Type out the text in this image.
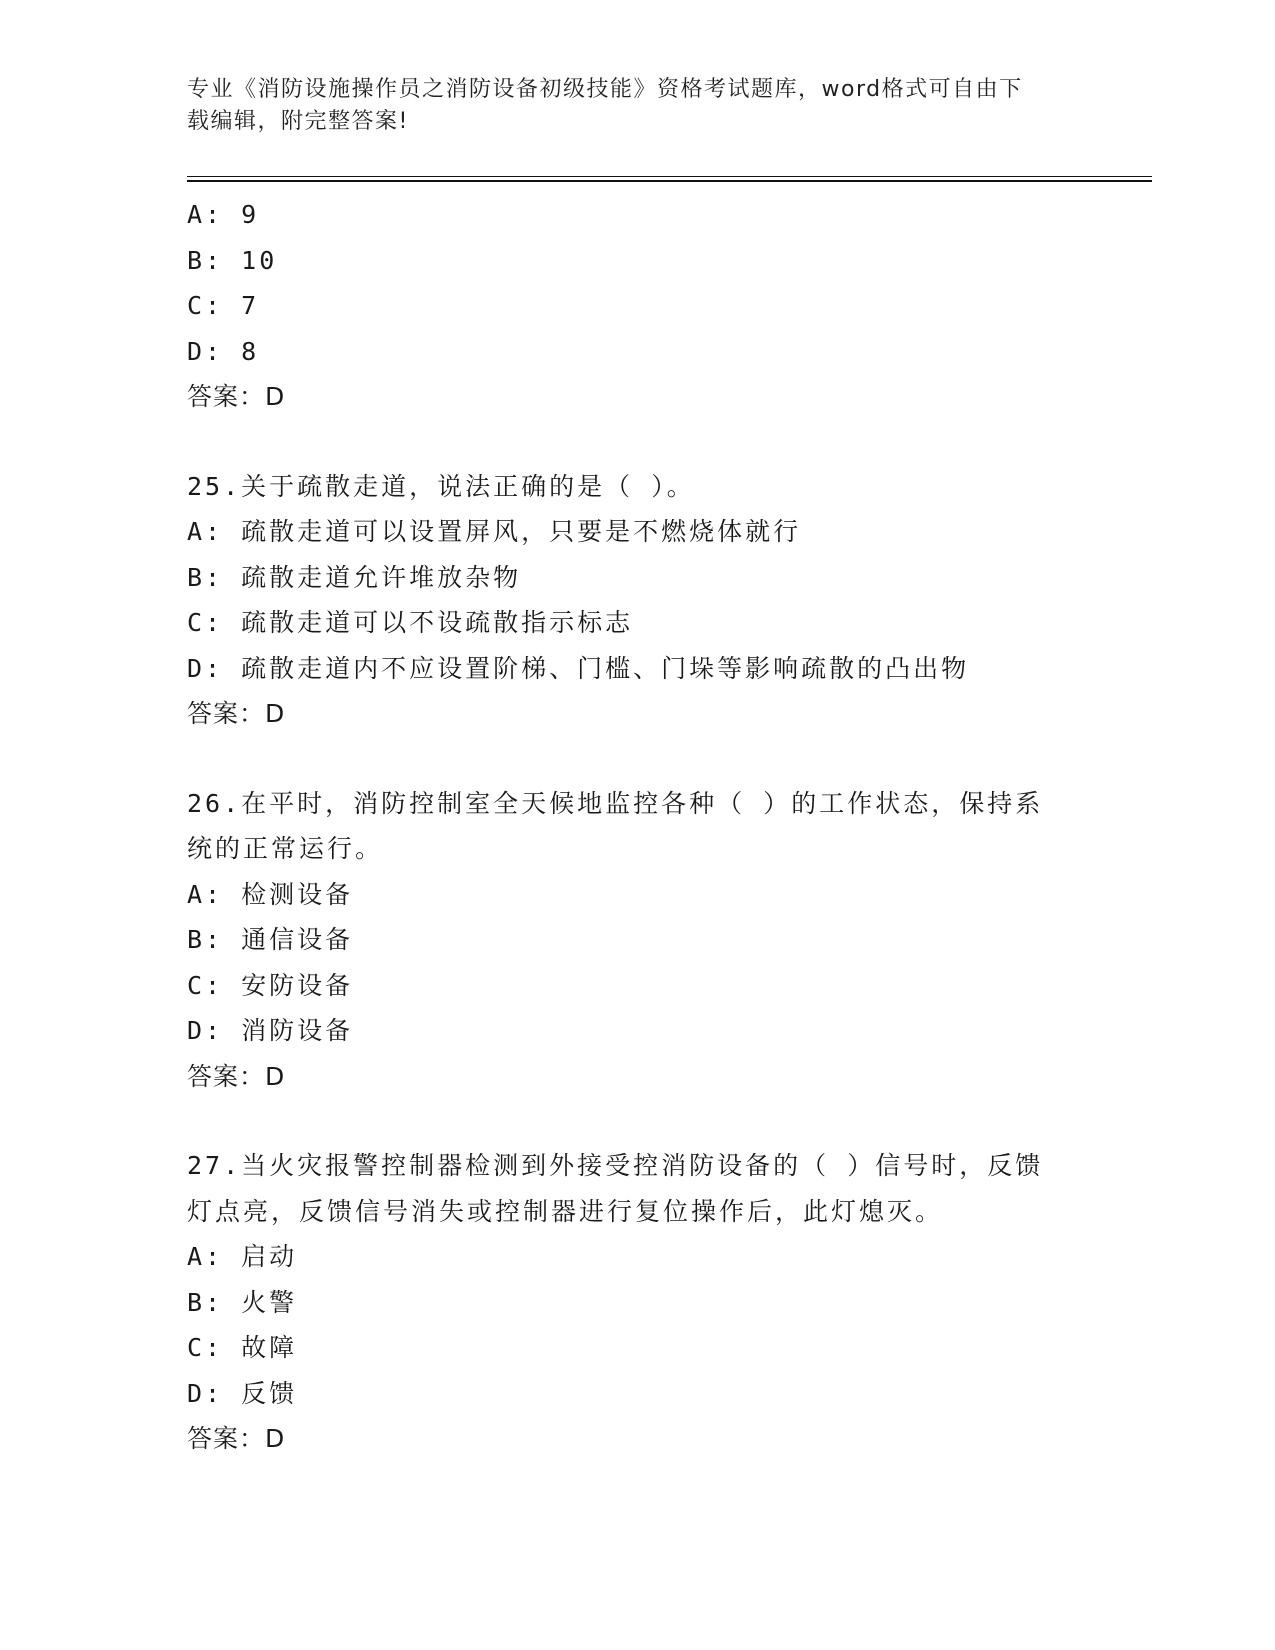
专业《消防设施操作员之消防设备初级技能》资格考试题库，word格式可自由下
载编辑，附完整答案!
A: 9
B: 10
C: 7
D: 8
答案：D
25.关于疏散走道，说法正确的是（ ）。
A: 疏散走道可以设置屏风，只要是不燃烧体就行
B: 疏散走道允许堆放杂物
C: 疏散走道可以不设疏散指示标志
D: 疏散走道内不应设置阶梯、门槛、门垛等影响疏散的凸出物
答案：D
26.在平时，消防控制室全天候地监控各种（ ）的工作状态，保持系
统的正常运行。
A: 检测设备
B: 通信设备
C: 安防设备
D: 消防设备
答案：D
27.当火灾报警控制器检测到外接受控消防设备的（ ）信号时，反馈
灯点亮，反馈信号消失或控制器进行复位操作后，此灯熄灭。
A: 启动
B: 火警
C: 故障
D: 反馈
答案：D
